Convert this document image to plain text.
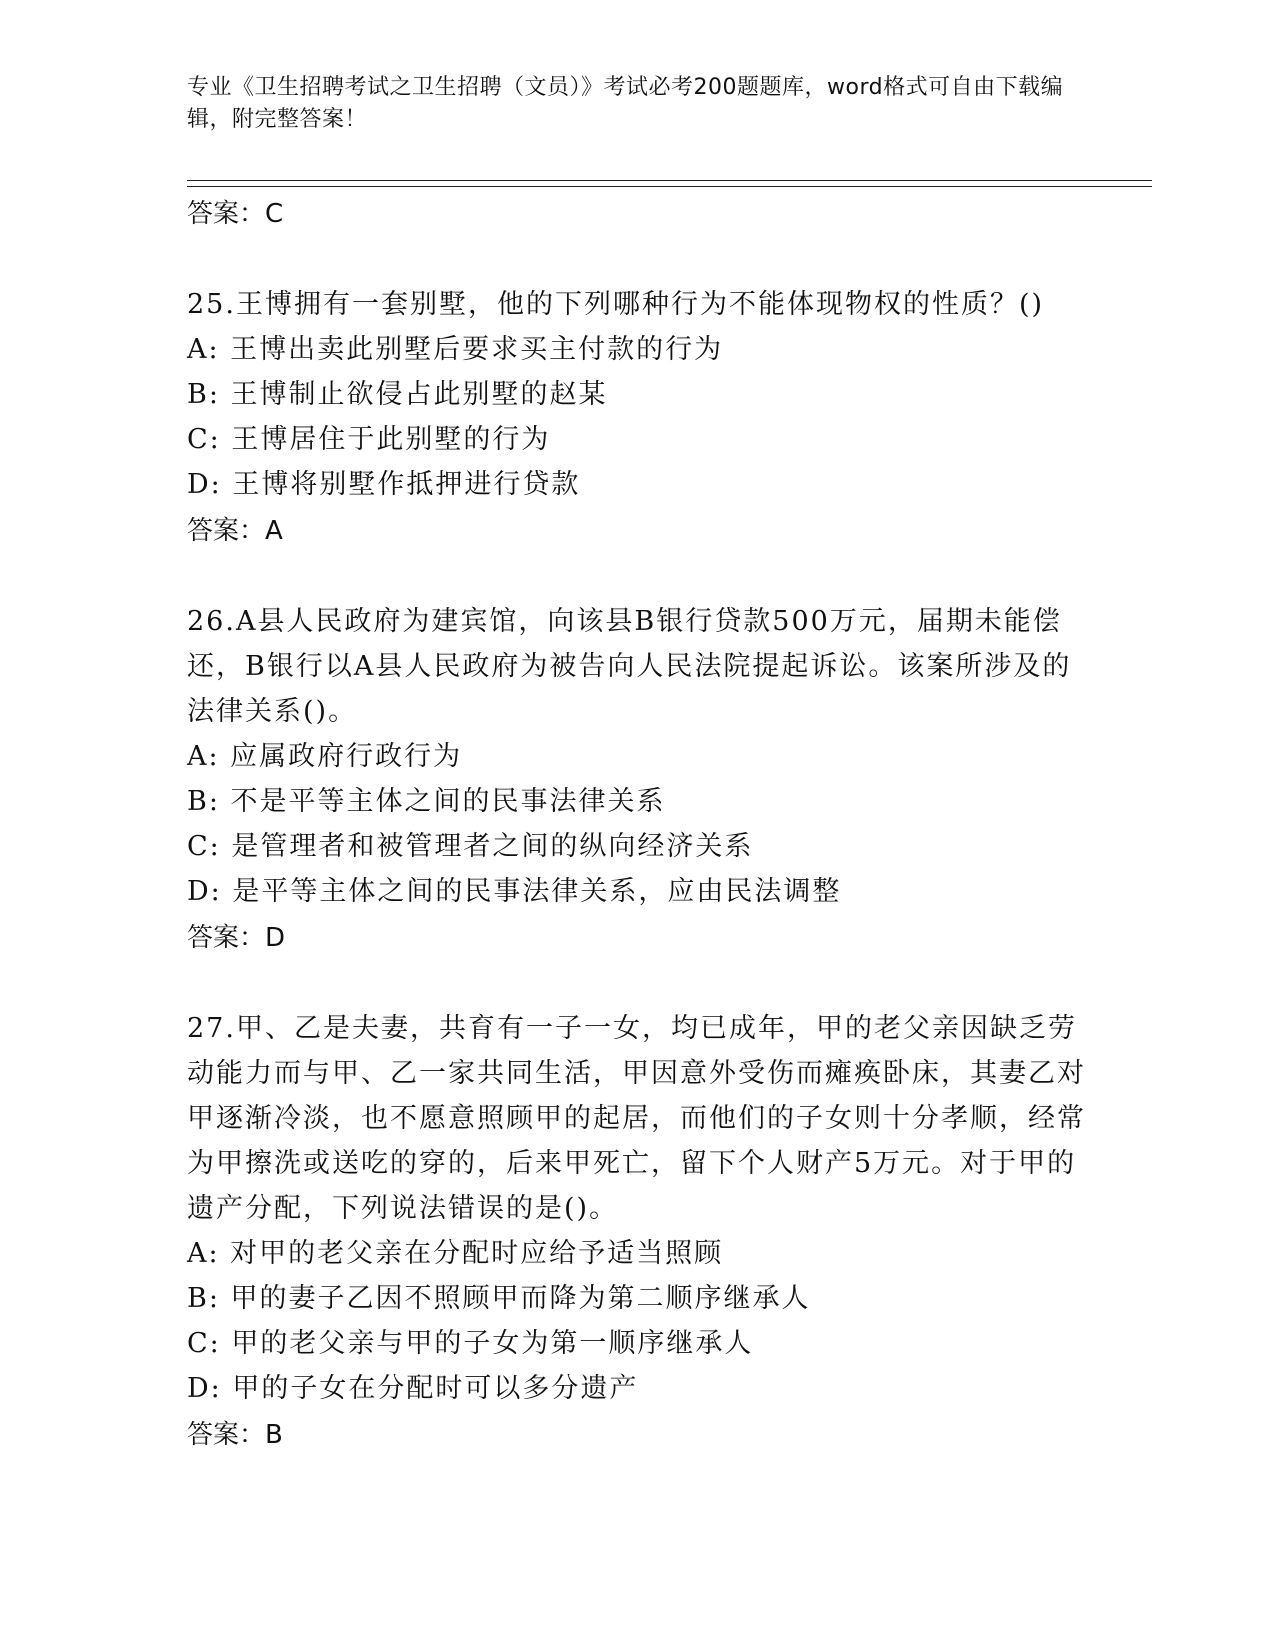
专业《卫生招聘考试之卫生招聘（文员）》考试必考200题题库，word格式可自由下载编辑，附完整答案！
答案：C
25.王博拥有一套别墅，他的下列哪种行为不能体现物权的性质？()
A: 王博出卖此别墅后要求买主付款的行为
B: 王博制止欲侵占此别墅的赵某
C: 王博居住于此别墅的行为
D: 王博将别墅作抵押进行贷款
答案：A
26.A县人民政府为建宾馆，向该县B银行贷款500万元，届期未能偿还，B银行以A县人民政府为被告向人民法院提起诉讼。该案所涉及的法律关系()。
A: 应属政府行政行为
B: 不是平等主体之间的民事法律关系
C: 是管理者和被管理者之间的纵向经济关系
D: 是平等主体之间的民事法律关系，应由民法调整
答案：D
27.甲、乙是夫妻，共育有一子一女，均已成年，甲的老父亲因缺乏劳动能力而与甲、乙一家共同生活，甲因意外受伤而瘫痪卧床，其妻乙对甲逐渐冷淡，也不愿意照顾甲的起居，而他们的子女则十分孝顺，经常为甲擦洗或送吃的穿的，后来甲死亡，留下个人财产5万元。对于甲的遗产分配，下列说法错误的是()。
A: 对甲的老父亲在分配时应给予适当照顾
B: 甲的妻子乙因不照顾甲而降为第二顺序继承人
C: 甲的老父亲与甲的子女为第一顺序继承人
D: 甲的子女在分配时可以多分遗产
答案：B
